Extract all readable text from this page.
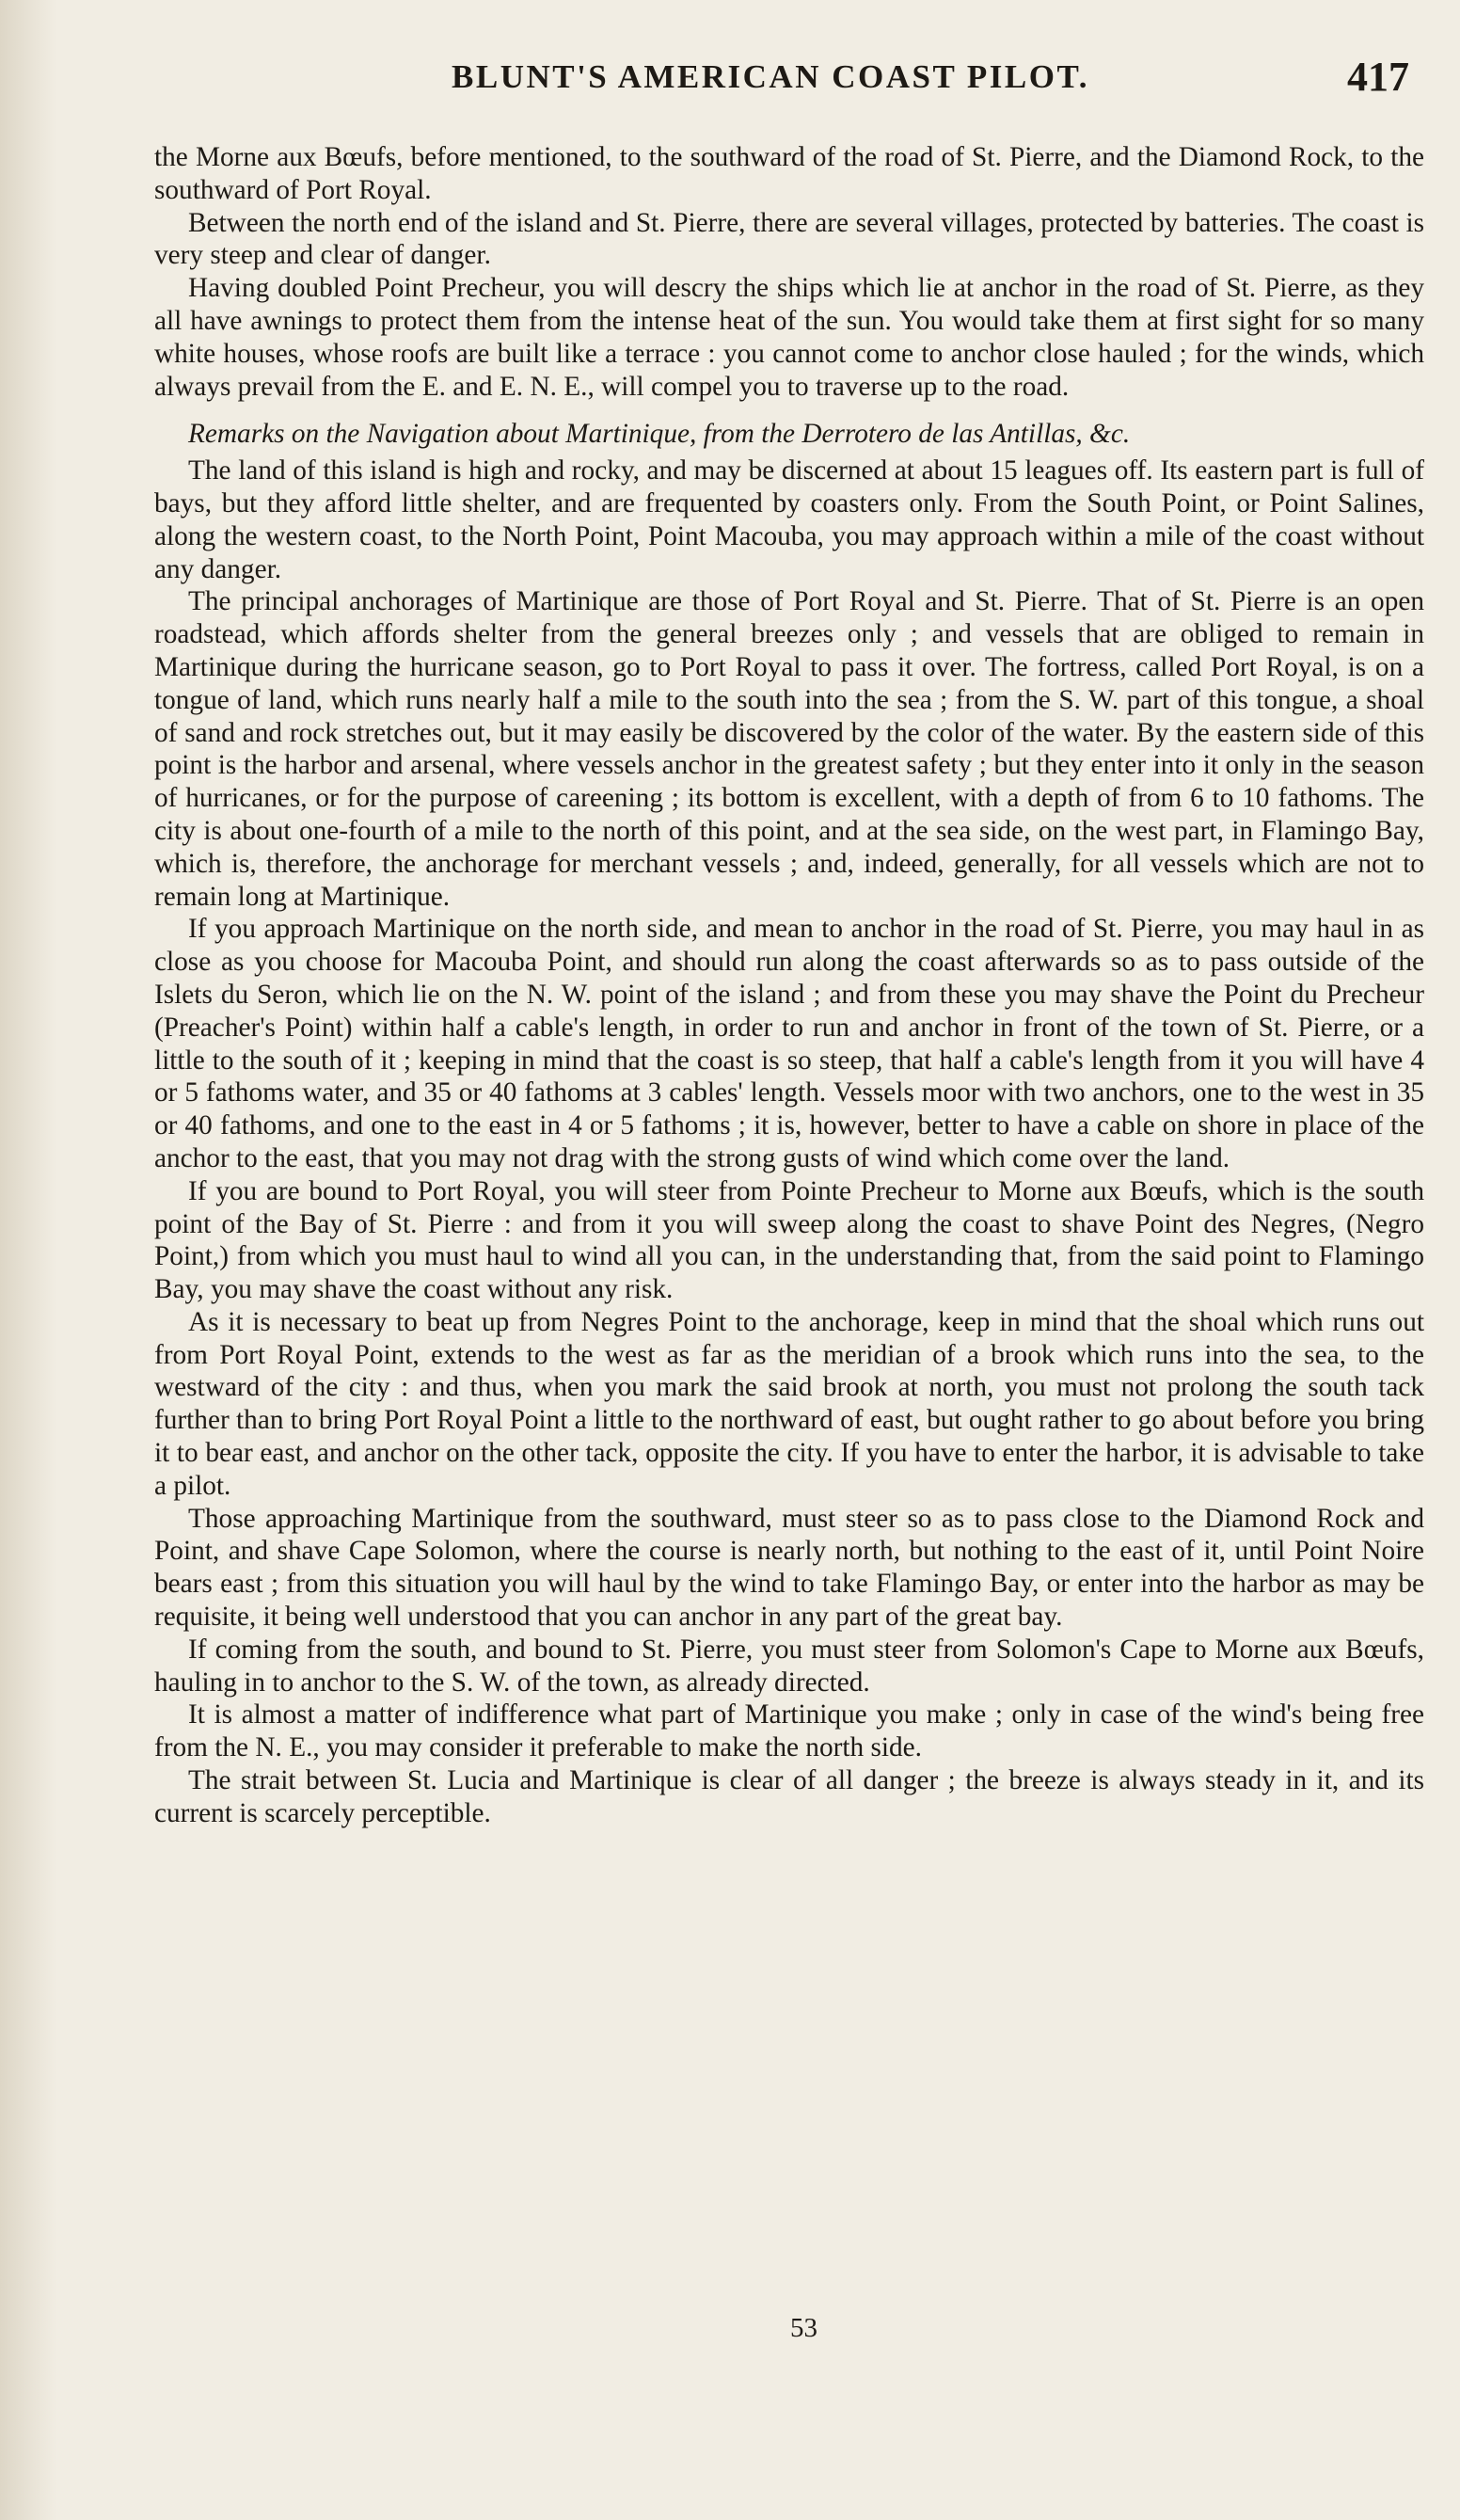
BLUNT'S AMERICAN COAST PILOT.	417

the Morne aux Bœufs, before mentioned, to the southward of the road of St. Pierre, and the Diamond Rock, to the southward of Port Royal.

Between the north end of the island and St. Pierre, there are several villages, protected by batteries. The coast is very steep and clear of danger.

Having doubled Point Precheur, you will descry the ships which lie at anchor in the road of St. Pierre, as they all have awnings to protect them from the intense heat of the sun. You would take them at first sight for so many white houses, whose roofs are built like a terrace : you cannot come to anchor close hauled ; for the winds, which always prevail from the E. and E. N. E., will compel you to traverse up to the road.

Remarks on the Navigation about Martinique, from the Derrotero de las Antillas, &c.

The land of this island is high and rocky, and may be discerned at about 15 leagues off. Its eastern part is full of bays, but they afford little shelter, and are frequented by coasters only. From the South Point, or Point Salines, along the western coast, to the North Point, Point Macouba, you may approach within a mile of the coast without any danger.

The principal anchorages of Martinique are those of Port Royal and St. Pierre. That of St. Pierre is an open roadstead, which affords shelter from the general breezes only ; and vessels that are obliged to remain in Martinique during the hurricane season, go to Port Royal to pass it over. The fortress, called Port Royal, is on a tongue of land, which runs nearly half a mile to the south into the sea ; from the S. W. part of this tongue, a shoal of sand and rock stretches out, but it may easily be discovered by the color of the water. By the eastern side of this point is the harbor and arsenal, where vessels anchor in the greatest safety ; but they enter into it only in the season of hurricanes, or for the purpose of careening ; its bottom is excellent, with a depth of from 6 to 10 fathoms. The city is about one-fourth of a mile to the north of this point, and at the sea side, on the west part, in Flamingo Bay, which is, therefore, the anchorage for merchant vessels ; and, indeed, generally, for all vessels which are not to remain long at Martinique.

If you approach Martinique on the north side, and mean to anchor in the road of St. Pierre, you may haul in as close as you choose for Macouba Point, and should run along the coast afterwards so as to pass outside of the Islets du Seron, which lie on the N. W. point of the island ; and from these you may shave the Point du Precheur (Preacher's Point) within half a cable's length, in order to run and anchor in front of the town of St. Pierre, or a little to the south of it ; keeping in mind that the coast is so steep, that half a cable's length from it you will have 4 or 5 fathoms water, and 35 or 40 fathoms at 3 cables' length. Vessels moor with two anchors, one to the west in 35 or 40 fathoms, and one to the east in 4 or 5 fathoms ; it is, however, better to have a cable on shore in place of the anchor to the east, that you may not drag with the strong gusts of wind which come over the land.

If you are bound to Port Royal, you will steer from Pointe Precheur to Morne aux Bœufs, which is the south point of the Bay of St. Pierre : and from it you will sweep along the coast to shave Point des Negres, (Negro Point,) from which you must haul to wind all you can, in the understanding that, from the said point to Flamingo Bay, you may shave the coast without any risk.

As it is necessary to beat up from Negres Point to the anchorage, keep in mind that the shoal which runs out from Port Royal Point, extends to the west as far as the meridian of a brook which runs into the sea, to the westward of the city : and thus, when you mark the said brook at north, you must not prolong the south tack further than to bring Port Royal Point a little to the northward of east, but ought rather to go about before you bring it to bear east, and anchor on the other tack, opposite the city. If you have to enter the harbor, it is advisable to take a pilot.

Those approaching Martinique from the southward, must steer so as to pass close to the Diamond Rock and Point, and shave Cape Solomon, where the course is nearly north, but nothing to the east of it, until Point Noire bears east ; from this situation you will haul by the wind to take Flamingo Bay, or enter into the harbor as may be requisite, it being well understood that you can anchor in any part of the great bay.

If coming from the south, and bound to St. Pierre, you must steer from Solomon's Cape to Morne aux Bœufs, hauling in to anchor to the S. W. of the town, as already directed.

It is almost a matter of indifference what part of Martinique you make ; only in case of the wind's being free from the N. E., you may consider it preferable to make the north side.

The strait between St. Lucia and Martinique is clear of all danger ; the breeze is always steady in it, and its current is scarcely perceptible.

53
